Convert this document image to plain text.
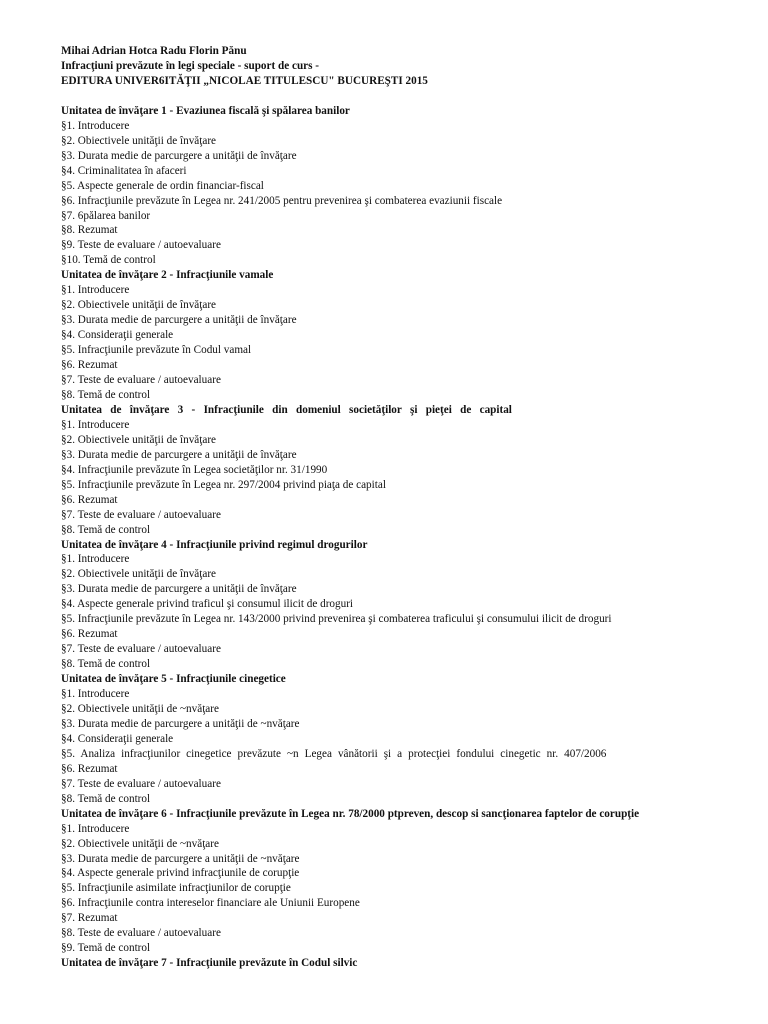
Mihai Adrian Hotca Radu Florin Pănu
Infracţiuni prevăzute în legi speciale - suport de curs -
EDITURA UNIVER6ITĂŢII „NICOLAE TITULESCU" BUCUREŞTI 2015
Unitatea de învăţare 1 - Evaziunea fiscală şi spălarea banilor
§1. Introducere
§2. Obiectivele unităţii de învăţare
§3. Durata medie de parcurgere a unităţii de învăţare
§4. Criminalitatea în afaceri
§5. Aspecte generale de ordin financiar-fiscal
§6. Infracţiunile prevăzute în Legea nr. 241/2005 pentru prevenirea şi combaterea evaziunii fiscale
§7. 6pălarea banilor
§8. Rezumat
§9. Teste de evaluare / autoevaluare
§10. Temă de control
Unitatea de învăţare 2 - Infracţiunile vamale
§1. Introducere
§2. Obiectivele unităţii de învăţare
§3. Durata medie de parcurgere a unităţii de învăţare
§4. Consideraţii generale
§5. Infracţiunile prevăzute în Codul vamal
§6. Rezumat
§7. Teste de evaluare / autoevaluare
§8. Temă de control
Unitatea de învăţare 3 - Infracţiunile din domeniul societăţilor şi pieţei de capital
§1. Introducere
§2. Obiectivele unităţii de învăţare
§3. Durata medie de parcurgere a unităţii de învăţare
§4. Infracţiunile prevăzute în Legea societăţilor nr. 31/1990
§5. Infracţiunile prevăzute în Legea nr. 297/2004 privind piaţa de capital
§6. Rezumat
§7. Teste de evaluare / autoevaluare
§8. Temă de control
Unitatea de învăţare 4 - Infracţiunile privind regimul drogurilor
§1. Introducere
§2. Obiectivele unităţii de învăţare
§3. Durata medie de parcurgere a unităţii de învăţare
§4. Aspecte generale privind traficul şi consumul ilicit de droguri
§5. Infracţiunile prevăzute în Legea nr. 143/2000 privind prevenirea şi combaterea traficului şi consumului ilicit de droguri
§6. Rezumat
§7. Teste de evaluare / autoevaluare
§8. Temă de control
Unitatea de învăţare 5 - Infracţiunile cinegetice
§1. Introducere
§2. Obiectivele unităţii de ~nvăţare
§3. Durata medie de parcurgere a unităţii de ~nvăţare
§4. Consideraţii generale
§5. Analiza infracţiunilor cinegetice prevăzute ~n Legea vânătorii şi a protecţiei fondului cinegetic nr. 407/2006
§6. Rezumat
§7. Teste de evaluare / autoevaluare
§8. Temă de control
Unitatea de învăţare 6 - Infracţiunile prevăzute în Legea nr. 78/2000 ptpreven, descop si sancţionarea faptelor de corupţie
§1. Introducere
§2. Obiectivele unităţii de ~nvăţare
§3. Durata medie de parcurgere a unităţii de ~nvăţare
§4. Aspecte generale privind infracţiunile de corupţie
§5. Infracţiunile asimilate infracţiunilor de corupţie
§6. Infracţiunile contra intereselor financiare ale Uniunii Europene
§7. Rezumat
§8. Teste de evaluare / autoevaluare
§9. Temă de control
Unitatea de învăţare 7 - Infracţiunile prevăzute în Codul silvic
